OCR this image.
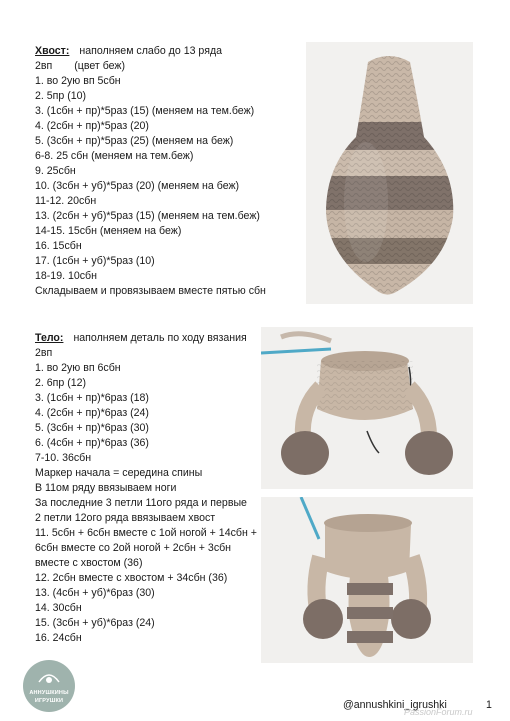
Хвост: наполняем слабо до 13 ряда
2вп (цвет беж)
1. во 2ую вп 5сбн
2. 5пр (10)
3. (1сбн + пр)*5раз (15) (меняем на тем.беж)
4. (2сбн + пр)*5раз (20)
5. (3сбн + пр)*5раз (25) (меняем на беж)
6-8. 25 сбн (меняем на тем.беж)
9. 25сбн
10. (3сбн + уб)*5раз (20) (меняем на беж)
11-12. 20сбн
13. (2сбн + уб)*5раз (15) (меняем на тем.беж)
14-15. 15сбн (меняем на беж)
16. 15сбн
17. (1сбн + уб)*5раз (10)
18-19. 10сбн
Складываем и провязываем вместе пятью сбн
Тело: наполняем деталь по ходу вязания
2вп
1. во 2ую вп 6сбн
2. 6пр (12)
3. (1сбн + пр)*6раз (18)
4. (2сбн + пр)*6раз (24)
5. (3сбн + пр)*6раз (30)
6. (4сбн + пр)*6раз (36)
7-10. 36сбн
Маркер начала = середина спины
В 11ом ряду ввязываем ноги
За последние 3 петли 11ого ряда и первые
2 петли 12ого ряда ввязываем хвост
11. 5сбн + 6сбн вместе с 1ой ногой + 14сбн +
6сбн вместе со 2ой ногой + 2сбн + 3сбн
вместе с хвостом (36)
12. 2сбн вместе с хвостом + 34сбн (36)
13. (4сбн + уб)*6раз (30)
14. 30сбн
15. (3сбн + уб)*6раз (24)
16. 24сбн
АННУШКИНЫ
ИГРУШКИ	@annushkini_igrushki	1
PassionForum.ru
